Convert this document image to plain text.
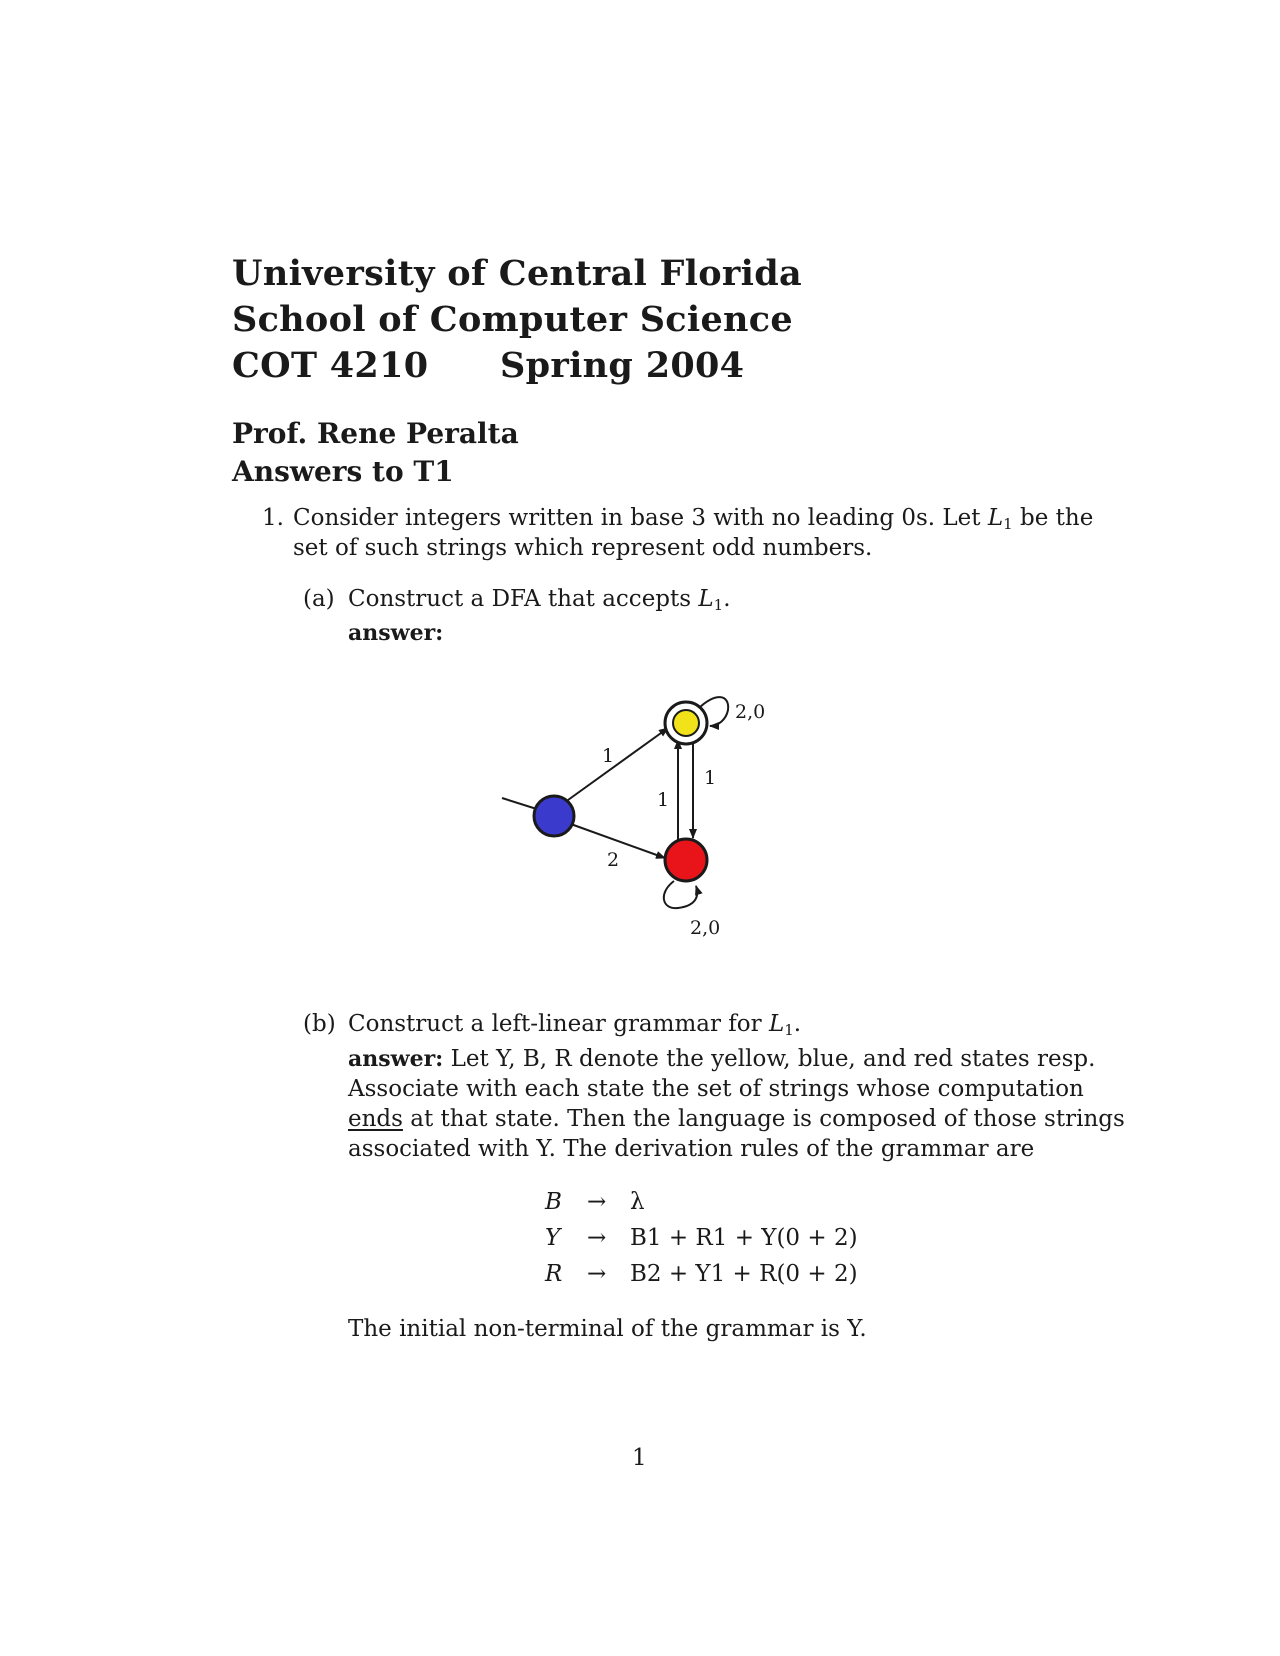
University of Central Florida
School of Computer Science
COT 4210 Spring 2004
Prof. Rene Peralta
Answers to T1
1. Consider integers written in base 3 with no leading 0s. Let $L_1$ be the
set of such strings which represent odd numbers.
(a) Construct a DFA that accepts $L_1$.
answer:
1
2
1
1
2,0
2,0
(b) Construct a left-linear grammar for $L_1$.
answer: Let Y, B, R denote the yellow, blue, and red states resp.
Associate with each state the set of strings whose computation
ends at that state. Then the language is composed of those strings
associated with Y. The derivation rules of the grammar are
B → λ
Y → B1 + R1 + Y(0 + 2)
R → B2 + Y1 + R(0 + 2)
The initial non-terminal of the grammar is Y.
1
